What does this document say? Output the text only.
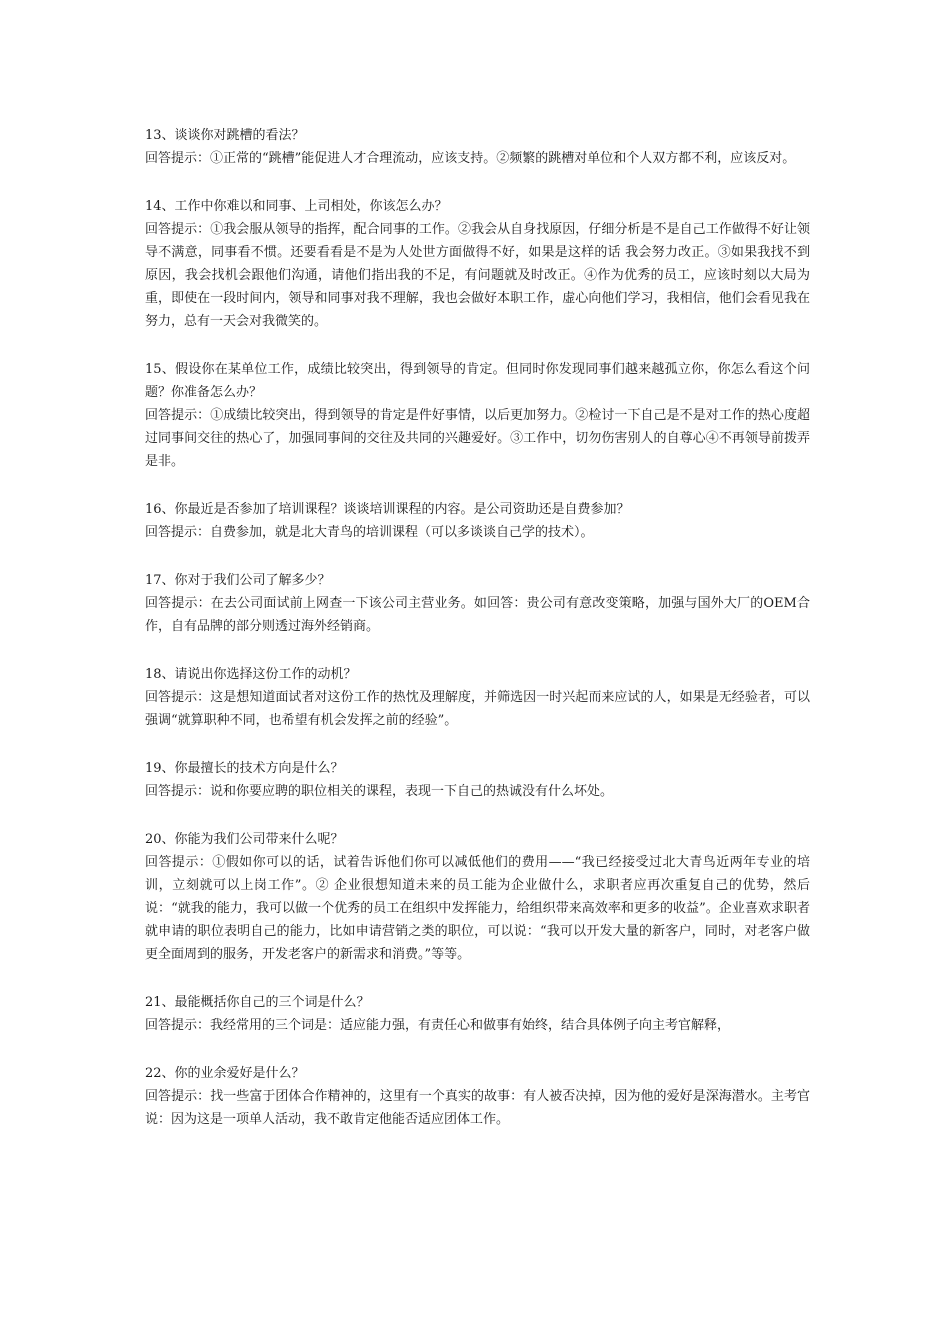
13、谈谈你对跳槽的看法？

回答提示：①正常的“跳槽”能促进人才合理流动，应该支持。②频繁的跳槽对单位和个人双方都不利，应该反对。

14、工作中你难以和同事、上司相处，你该怎么办？

回答提示：①我会服从领导的指挥，配合同事的工作。②我会从自身找原因，仔细分析是不是自己工作做得不好让领导不满意，同事看不惯。还要看看是不是为人处世方面做得不好，如果是这样的话 我会努力改正。③如果我找不到原因，我会找机会跟他们沟通，请他们指出我的不足，有问题就及时改正。④作为优秀的员工，应该时刻以大局为重，即使在一段时间内，领导和同事对我不理解，我也会做好本职工作，虚心向他们学习，我相信，他们会看见我在努力，总有一天会对我微笑的。

15、假设你在某单位工作，成绩比较突出，得到领导的肯定。但同时你发现同事们越来越孤立你，你怎么看这个问题？你准备怎么办？

回答提示：①成绩比较突出，得到领导的肯定是件好事情，以后更加努力。②检讨一下自己是不是对工作的热心度超过同事间交往的热心了，加强同事间的交往及共同的兴趣爱好。③工作中，切勿伤害别人的自尊心④不再领导前拨弄是非。

16、你最近是否参加了培训课程？谈谈培训课程的内容。是公司资助还是自费参加？

回答提示：自费参加，就是北大青鸟的培训课程（可以多谈谈自己学的技术）。

17、你对于我们公司了解多少？

回答提示：在去公司面试前上网查一下该公司主营业务。如回答：贵公司有意改变策略，加强与国外大厂的OEM合作，自有品牌的部分则透过海外经销商。

18、请说出你选择这份工作的动机？

回答提示：这是想知道面试者对这份工作的热忱及理解度，并筛选因一时兴起而来应试的人，如果是无经验者，可以强调“就算职种不同，也希望有机会发挥之前的经验”。

19、你最擅长的技术方向是什么？

回答提示：说和你要应聘的职位相关的课程，表现一下自己的热诚没有什么坏处。

20、你能为我们公司带来什么呢？

回答提示：①假如你可以的话，试着告诉他们你可以减低他们的费用——“我已经接受过北大青鸟近两年专业的培训，立刻就可以上岗工作”。② 企业很想知道未来的员工能为企业做什么，求职者应再次重复自己的优势，然后说：“就我的能力，我可以做一个优秀的员工在组织中发挥能力，给组织带来高效率和更多的收益”。企业喜欢求职者就申请的职位表明自己的能力，比如申请营销之类的职位，可以说：“我可以开发大量的新客户，同时，对老客户做更全面周到的服务，开发老客户的新需求和消费。”等等。

21、最能概括你自己的三个词是什么？

回答提示：我经常用的三个词是：适应能力强，有责任心和做事有始终，结合具体例子向主考官解释，

22、你的业余爱好是什么？

回答提示：找一些富于团体合作精神的，这里有一个真实的故事：有人被否决掉，因为他的爱好是深海潜水。主考官说：因为这是一项单人活动，我不敢肯定他能否适应团体工作。
